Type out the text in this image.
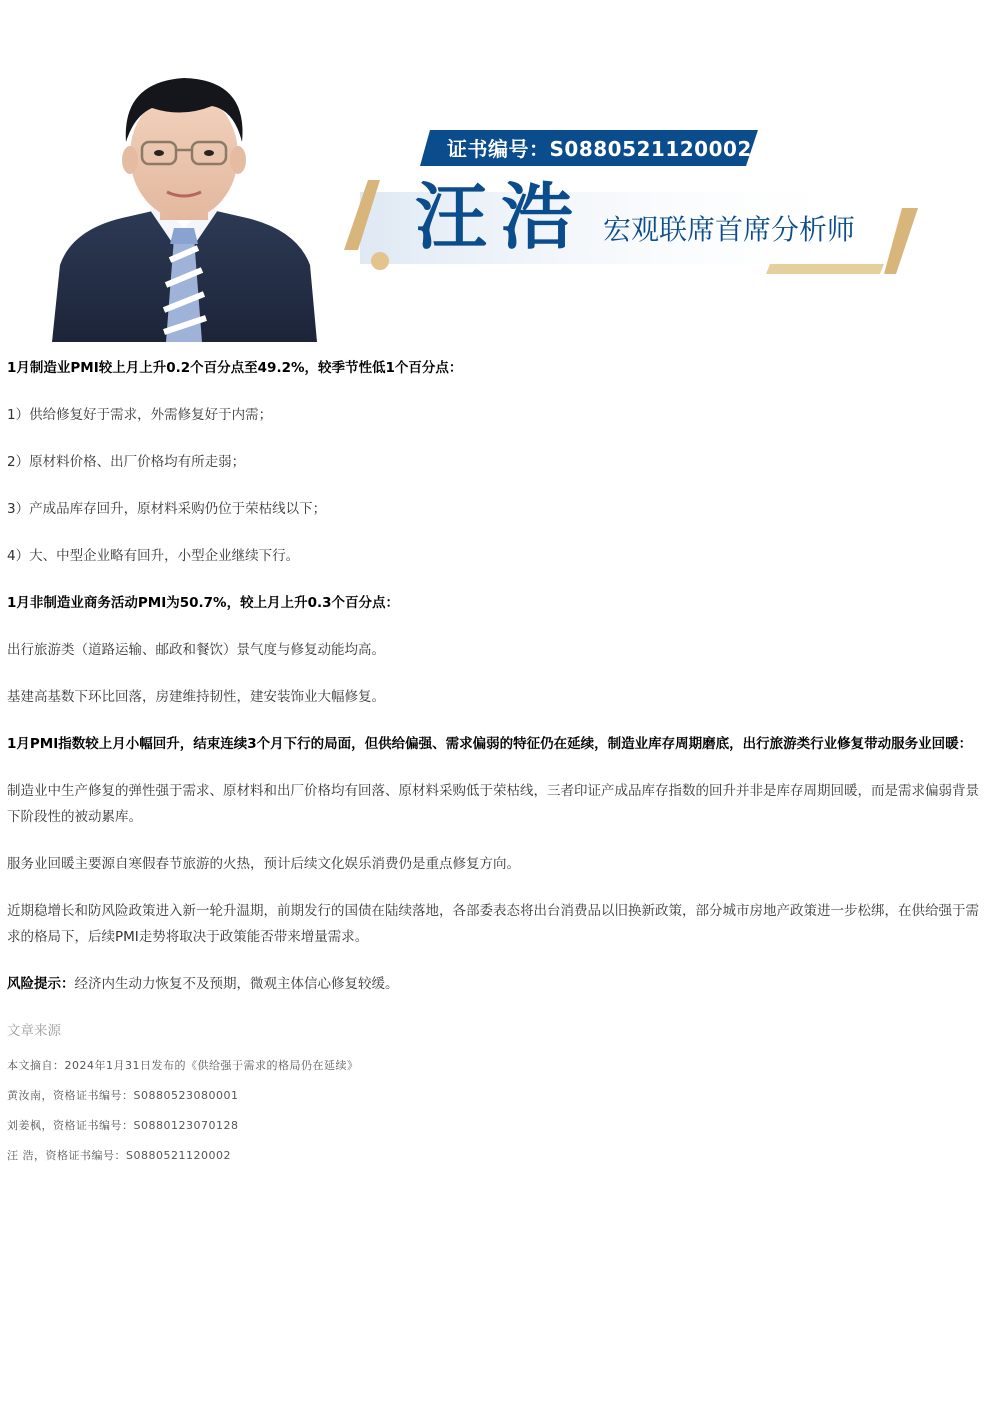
证书编号：S0880521120002
汪浩 宏观联席首席分析师

1月制造业PMI较上月上升0.2个百分点至49.2%，较季节性低1个百分点：

1）供给修复好于需求，外需修复好于内需；

2）原材料价格、出厂价格均有所走弱；

3）产成品库存回升，原材料采购仍位于荣枯线以下；

4）大、中型企业略有回升，小型企业继续下行。

1月非制造业商务活动PMI为50.7%，较上月上升0.3个百分点：

出行旅游类（道路运输、邮政和餐饮）景气度与修复动能均高。

基建高基数下环比回落，房建维持韧性，建安装饰业大幅修复。

1月PMI指数较上月小幅回升，结束连续3个月下行的局面，但供给偏强、需求偏弱的特征仍在延续，制造业库存周期磨底，出行旅游类行业修复带动服务业回暖：

制造业中生产修复的弹性强于需求、原材料和出厂价格均有回落、原材料采购低于荣枯线，三者印证产成品库存指数的回升并非是库存周期回暖，而是需求偏弱背景下阶段性的被动累库。

服务业回暖主要源自寒假春节旅游的火热，预计后续文化娱乐消费仍是重点修复方向。

近期稳增长和防风险政策进入新一轮升温期，前期发行的国债在陆续落地，各部委表态将出台消费品以旧换新政策，部分城市房地产政策进一步松绑，在供给强于需求的格局下，后续PMI走势将取决于政策能否带来增量需求。

风险提示：经济内生动力恢复不及预期，微观主体信心修复较缓。

文章来源
本文摘自：2024年1月31日发布的《供给强于需求的格局仍在延续》
黄汝南，资格证书编号：S0880523080001
刘姜枫，资格证书编号：S0880123070128
汪 浩，资格证书编号：S0880521120002
